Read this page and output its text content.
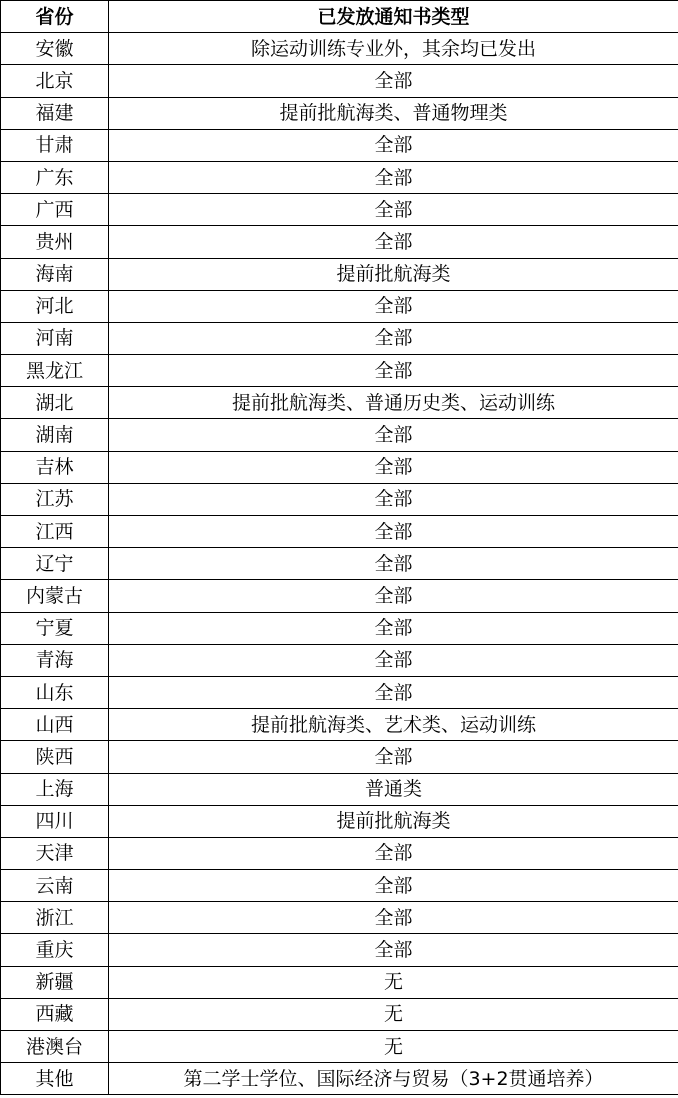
省份	已发放通知书类型
安徽	除运动训练专业外，其余均已发出
北京	全部
福建	提前批航海类、普通物理类
甘肃	全部
广东	全部
广西	全部
贵州	全部
海南	提前批航海类
河北	全部
河南	全部
黑龙江	全部
湖北	提前批航海类、普通历史类、运动训练
湖南	全部
吉林	全部
江苏	全部
江西	全部
辽宁	全部
内蒙古	全部
宁夏	全部
青海	全部
山东	全部
山西	提前批航海类、艺术类、运动训练
陕西	全部
上海	普通类
四川	提前批航海类
天津	全部
云南	全部
浙江	全部
重庆	全部
新疆	无
西藏	无
港澳台	无
其他	第二学士学位、国际经济与贸易（3+2贯通培养）
